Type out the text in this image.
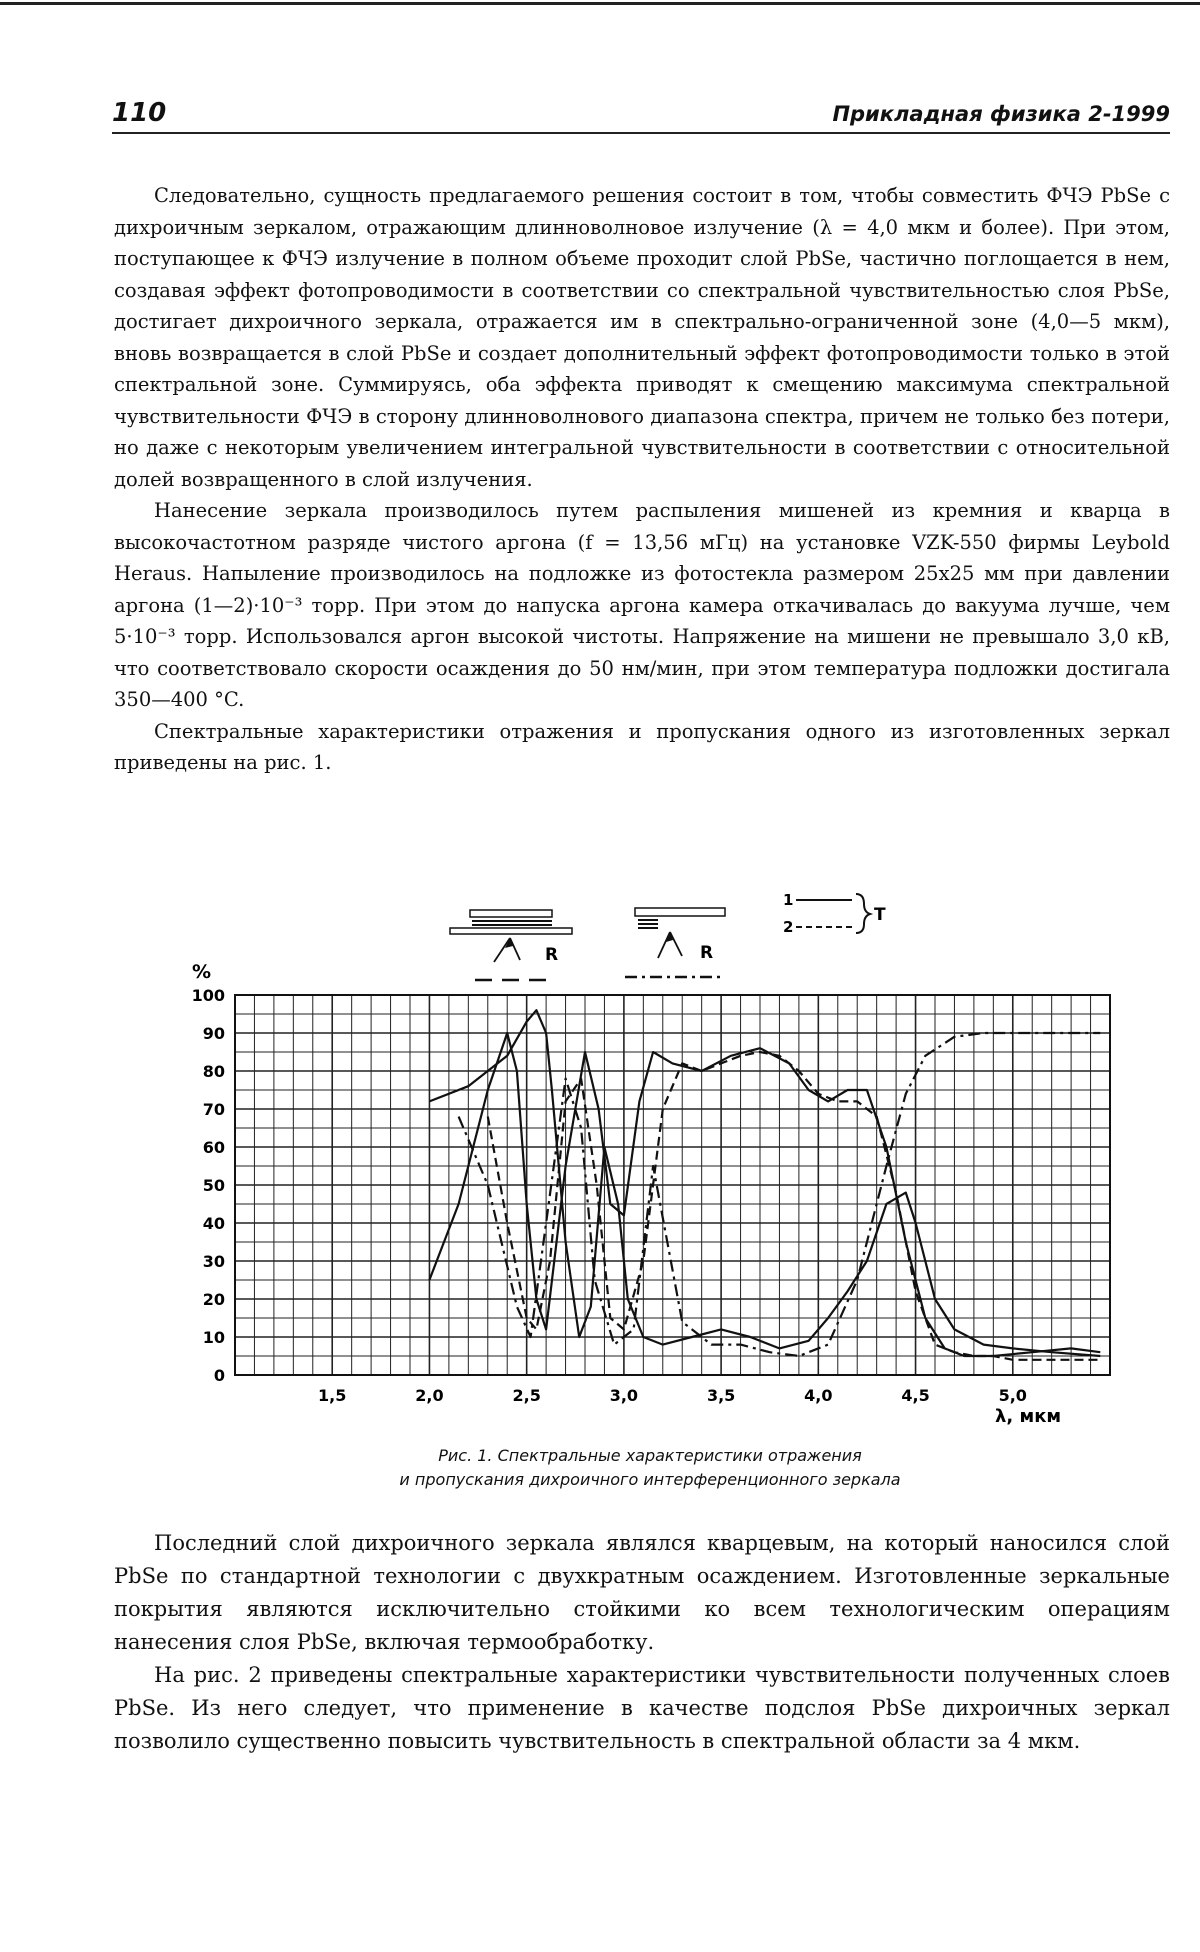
110	Прикладная физика 2-1999

Следовательно, сущность предлагаемого решения состоит в том, чтобы совместить ФЧЭ PbSe с дихроичным зеркалом, отражающим длинноволновое излучение (λ = 4,0 мкм и более). При этом, поступающее к ФЧЭ излучение в полном объеме проходит слой PbSe, частично поглощается в нем, создавая эффект фотопроводимости в соответствии со спектральной чувствительностью слоя PbSe, достигает дихроичного зеркала, отражается им в спектрально-ограниченной зоне (4,0—5 мкм), вновь возвращается в слой PbSe и создает дополнительный эффект фотопроводимости только в этой спектральной зоне. Суммируясь, оба эффекта приводят к смещению максимума спектральной чувствительности ФЧЭ в сторону длинноволнового диапазона спектра, причем не только без потери, но даже с некоторым увеличением интегральной чувствительности в соответствии с относительной долей возвращенного в слой излучения.

Нанесение зеркала производилось путем распыления мишеней из кремния и кварца в высокочастотном разряде чистого аргона (f = 13,56 мГц) на установке VZK-550 фирмы Leybold Heraus. Напыление производилось на подложке из фотостекла размером 25x25 мм при давлении аргона (1—2)·10⁻³ торр. При этом до напуска аргона камера откачивалась до вакуума лучше, чем 5·10⁻³ торр. Использовался аргон высокой чистоты. Напряжение на мишени не превышало 3,0 кВ, что соответствовало скорости осаждения до 50 нм/мин, при этом температура подложки достигала 350—400 °C.

Спектральные характеристики отражения и пропускания одного из изготовленных зеркал приведены на рис. 1.

R	R
1
2
T
%
λ, мкм
0
10
20
30
40
50
60
70
80
90
100
1,5	2,0	2,5	3,0	3,5	4,0	4,5	5,0
Рис. 1. Спектральные характеристики отражения
и пропускания дихроичного интерференционного зеркала

Последний слой дихроичного зеркала являлся кварцевым, на который наносился слой PbSe по стандартной технологии с двухкратным осаждением. Изготовленные зеркальные покрытия являются исключительно стойкими ко всем технологическим операциям нанесения слоя PbSe, включая термообработку.

На рис. 2 приведены спектральные характеристики чувствительности полученных слоев PbSe. Из него следует, что применение в качестве подслоя PbSe дихроичных зеркал позволило существенно повысить чувствительность в спектральной области за 4 мкм.
